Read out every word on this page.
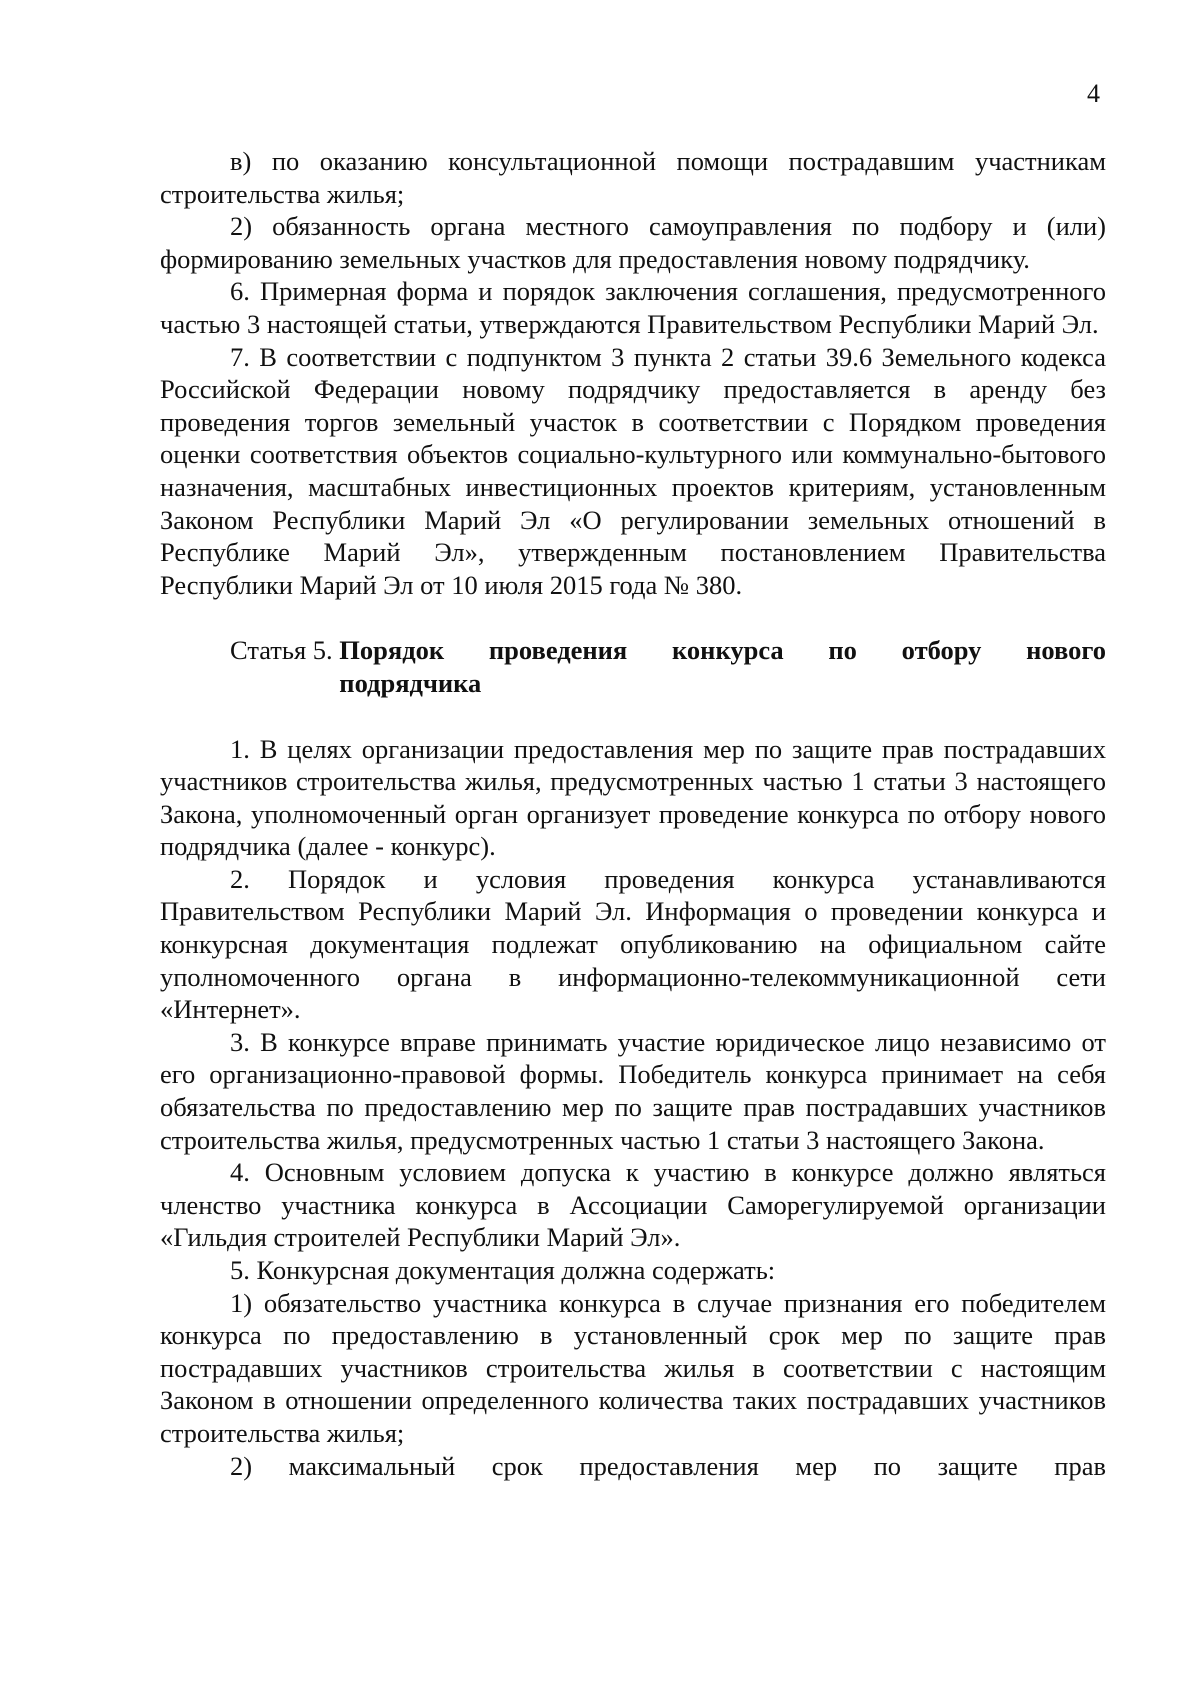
4

в) по оказанию консультационной помощи пострадавшим участникам строительства жилья;

2) обязанность органа местного самоуправления по подбору и (или) формированию земельных участков для предоставления новому подрядчику.

6. Примерная форма и порядок заключения соглашения, предусмотренного частью 3 настоящей статьи, утверждаются Правительством Республики Марий Эл.

7. В соответствии с подпунктом 3 пункта 2 статьи 39.6 Земельного кодекса Российской Федерации новому подрядчику предоставляется в аренду без проведения торгов земельный участок в соответствии с Порядком проведения оценки соответствия объектов социально-культурного или коммунально-бытового назначения, масштабных инвестиционных проектов критериям, установленным Законом Республики Марий Эл «О регулировании земельных отношений в Республике Марий Эл», утвержденным постановлением Правительства Республики Марий Эл от 10 июля 2015 года № 380.

Статья 5. Порядок проведения конкурса по отбору нового
подрядчика

1. В целях организации предоставления мер по защите прав пострадавших участников строительства жилья, предусмотренных частью 1 статьи 3 настоящего Закона, уполномоченный орган организует проведение конкурса по отбору нового подрядчика (далее - конкурс).

2. Порядок и условия проведения конкурса устанавливаются Правительством Республики Марий Эл. Информация о проведении конкурса и конкурсная документация подлежат опубликованию на официальном сайте уполномоченного органа в информационно-телекоммуникационной сети «Интернет».

3. В конкурсе вправе принимать участие юридическое лицо независимо от его организационно-правовой формы. Победитель конкурса принимает на себя обязательства по предоставлению мер по защите прав пострадавших участников строительства жилья, предусмотренных частью 1 статьи 3 настоящего Закона.

4. Основным условием допуска к участию в конкурсе должно являться членство участника конкурса в Ассоциации Саморегулируемой организации «Гильдия строителей Республики Марий Эл».

5. Конкурсная документация должна содержать:

1) обязательство участника конкурса в случае признания его победителем конкурса по предоставлению в установленный срок мер по защите прав пострадавших участников строительства жилья в соответствии с настоящим Законом в отношении определенного количества таких пострадавших участников строительства жилья;

2) максимальный срок предоставления мер по защите прав
